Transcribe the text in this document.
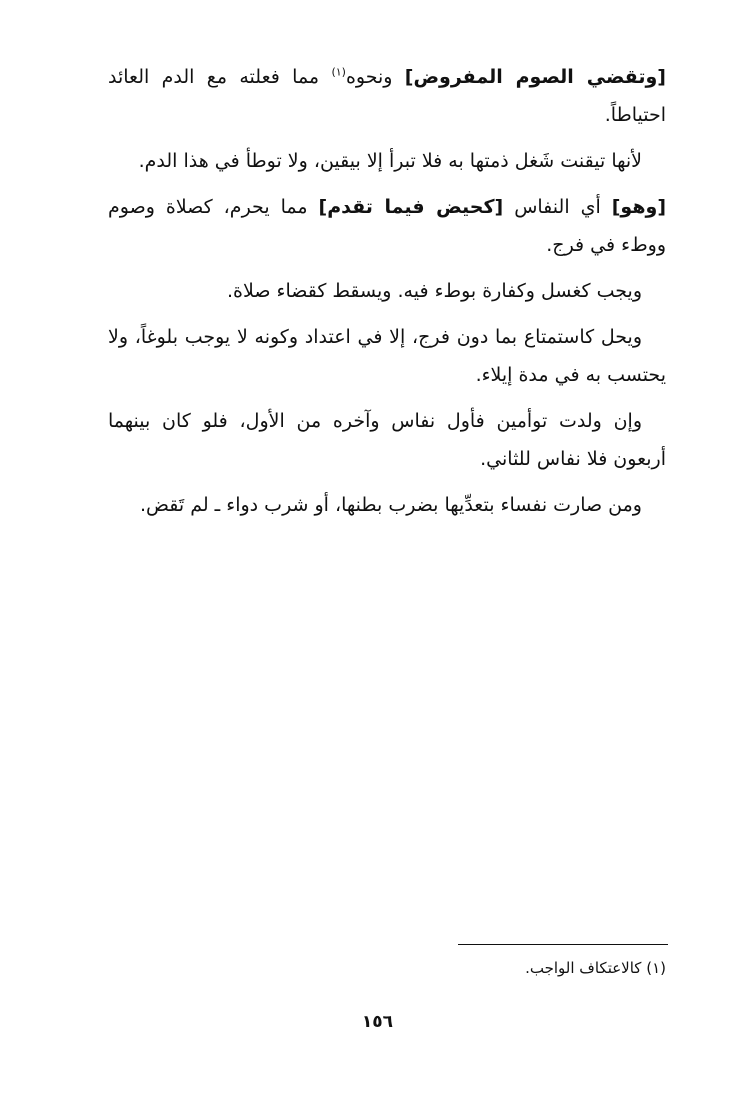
[وتقضي الصوم المفروض] ونحوه$^{(١)}$ مما فعلته مع الدم العائد احتياطاً.

لأنها تيقنت شَغل ذمتها به فلا تبرأ إلا بيقين، ولا توطأ في هذا الدم.

[وهو] أي النفاس [كحيض فيما تقدم] مما يحرم، كصلاة وصوم ووطء في فرج.

ويجب كغسل وكفارة بوطء فيه. ويسقط كقضاء صلاة.

ويحل كاستمتاع بما دون فرج، إلا في اعتداد وكونه لا يوجب بلوغاً، ولا يحتسب به في مدة إيلاء.

وإن ولدت توأمين فأول نفاس وآخره من الأول، فلو كان بينهما أربعون فلا نفاس للثاني.

ومن صارت نفساء بتعدِّيها بضرب بطنها، أو شرب دواء ـ لم تَقض.

(١) كالاعتكاف الواجب.
١٥٦
